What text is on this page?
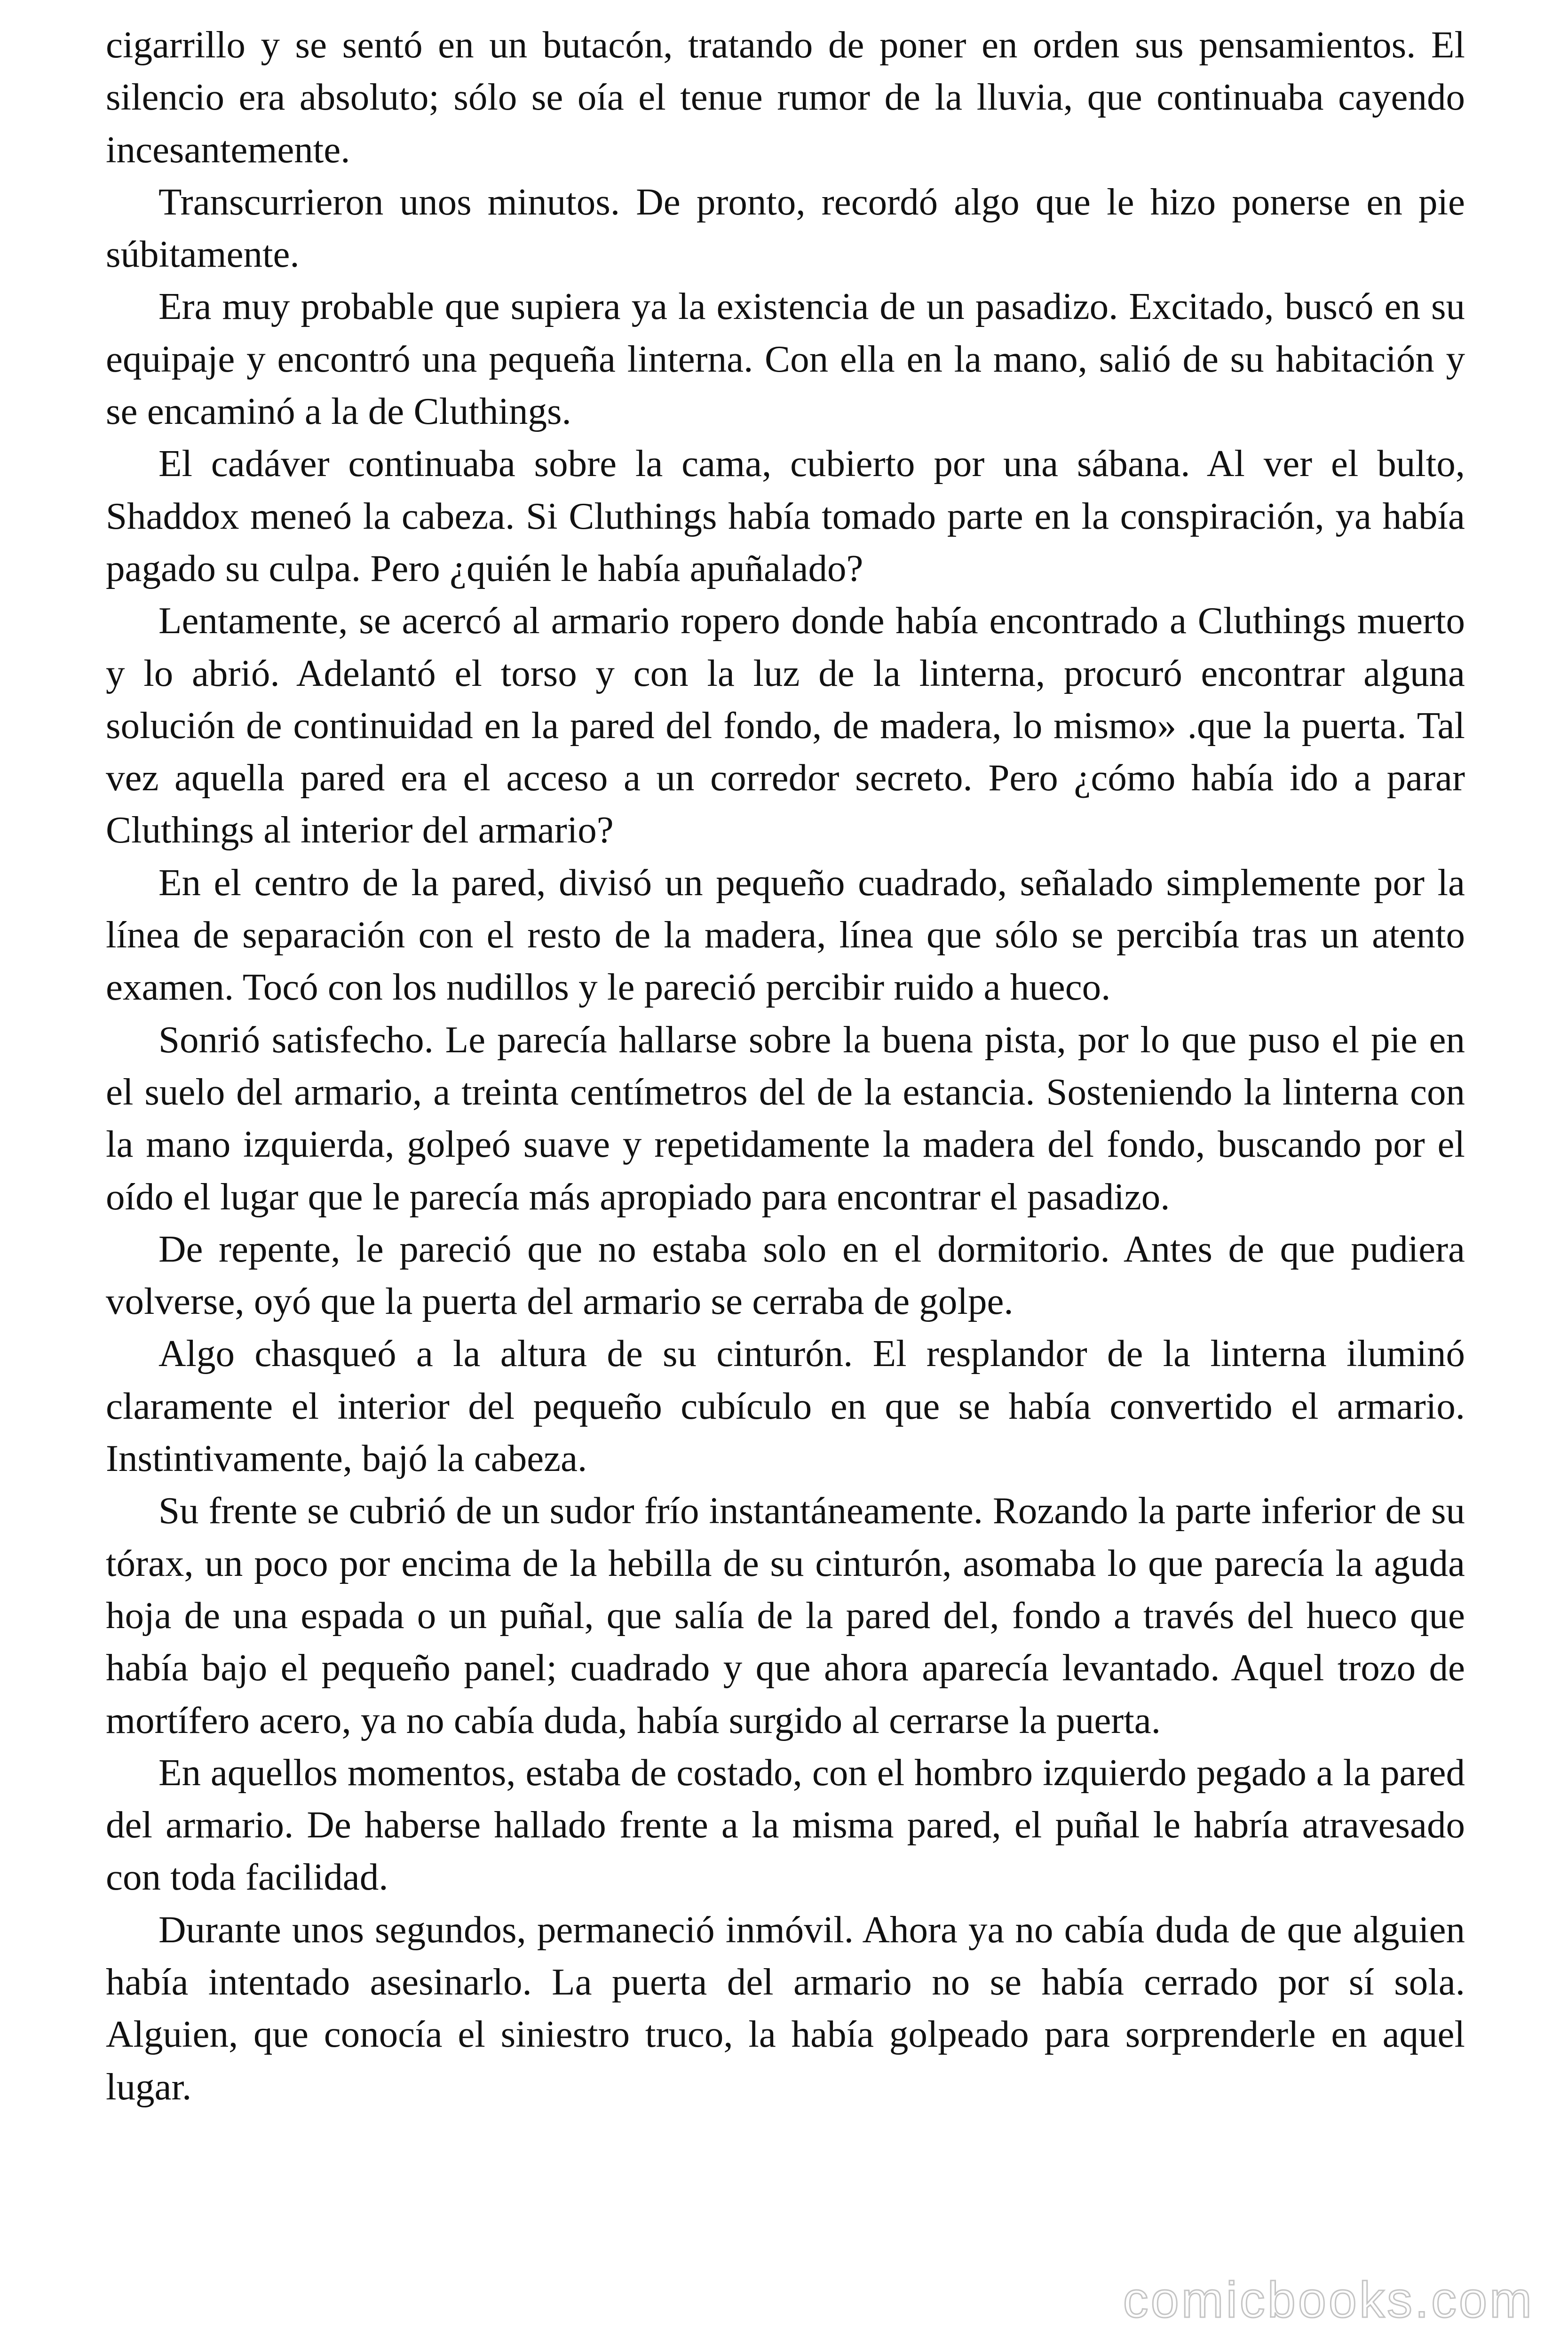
cigarrillo y se sentó en un butacón, tratando de poner en orden sus pensamientos. El silencio era absoluto; sólo se oía el tenue rumor de la lluvia, que continuaba cayendo incesantemente.

Transcurrieron unos minutos. De pronto, recordó algo que le hizo ponerse en pie súbitamente.

Era muy probable que supiera ya la existencia de un pasadizo. Excitado, buscó en su equipaje y encontró una pequeña linterna. Con ella en la mano, salió de su habitación y se encaminó a la de Cluthings.

El cadáver continuaba sobre la cama, cubierto por una sábana. Al ver el bulto, Shaddox meneó la cabeza. Si Cluthings había tomado parte en la conspiración, ya había pagado su culpa. Pero ¿quién le había apuñalado?

Lentamente, se acercó al armario ropero donde había encontrado a Cluthings muerto y lo abrió. Adelantó el torso y con la luz de la linterna, procuró encontrar alguna solución de continuidad en la pared del fondo, de madera, lo mismo» .que la puerta. Tal vez aquella pared era el acceso a un corredor secreto. Pero ¿cómo había ido a parar Cluthings al interior del armario?

En el centro de la pared, divisó un pequeño cuadrado, señalado simplemente por la línea de separación con el resto de la madera, línea que sólo se percibía tras un atento examen. Tocó con los nudillos y le pareció percibir ruido a hueco.

Sonrió satisfecho. Le parecía hallarse sobre la buena pista, por lo que puso el pie en el suelo del armario, a treinta centímetros del de la estancia. Sosteniendo la linterna con la mano izquierda, golpeó suave y repetidamente la madera del fondo, buscando por el oído el lugar que le parecía más apropiado para encontrar el pasadizo.

De repente, le pareció que no estaba solo en el dormitorio. Antes de que pudiera volverse, oyó que la puerta del armario se cerraba de golpe.

Algo chasqueó a la altura de su cinturón. El resplandor de la linterna iluminó claramente el interior del pequeño cubículo en que se había convertido el armario. Instintivamente, bajó la cabeza.

Su frente se cubrió de un sudor frío instantáneamente. Rozando la parte inferior de su tórax, un poco por encima de la hebilla de su cinturón, asomaba lo que parecía la aguda hoja de una espada o un puñal, que salía de la pared del, fondo a través del hueco que había bajo el pequeño panel; cuadrado y que ahora aparecía levantado. Aquel trozo de mortífero acero, ya no cabía duda, había surgido al cerrarse la puerta.

En aquellos momentos, estaba de costado, con el hombro izquierdo pegado a la pared del armario. De haberse hallado frente a la misma pared, el puñal le habría atravesado con toda facilidad.

Durante unos segundos, permaneció inmóvil. Ahora ya no cabía duda de que alguien había intentado asesinarlo. La puerta del armario no se había cerrado por sí sola. Alguien, que conocía el siniestro truco, la había golpeado para sorprenderle en aquel lugar.

comicbooks.com
